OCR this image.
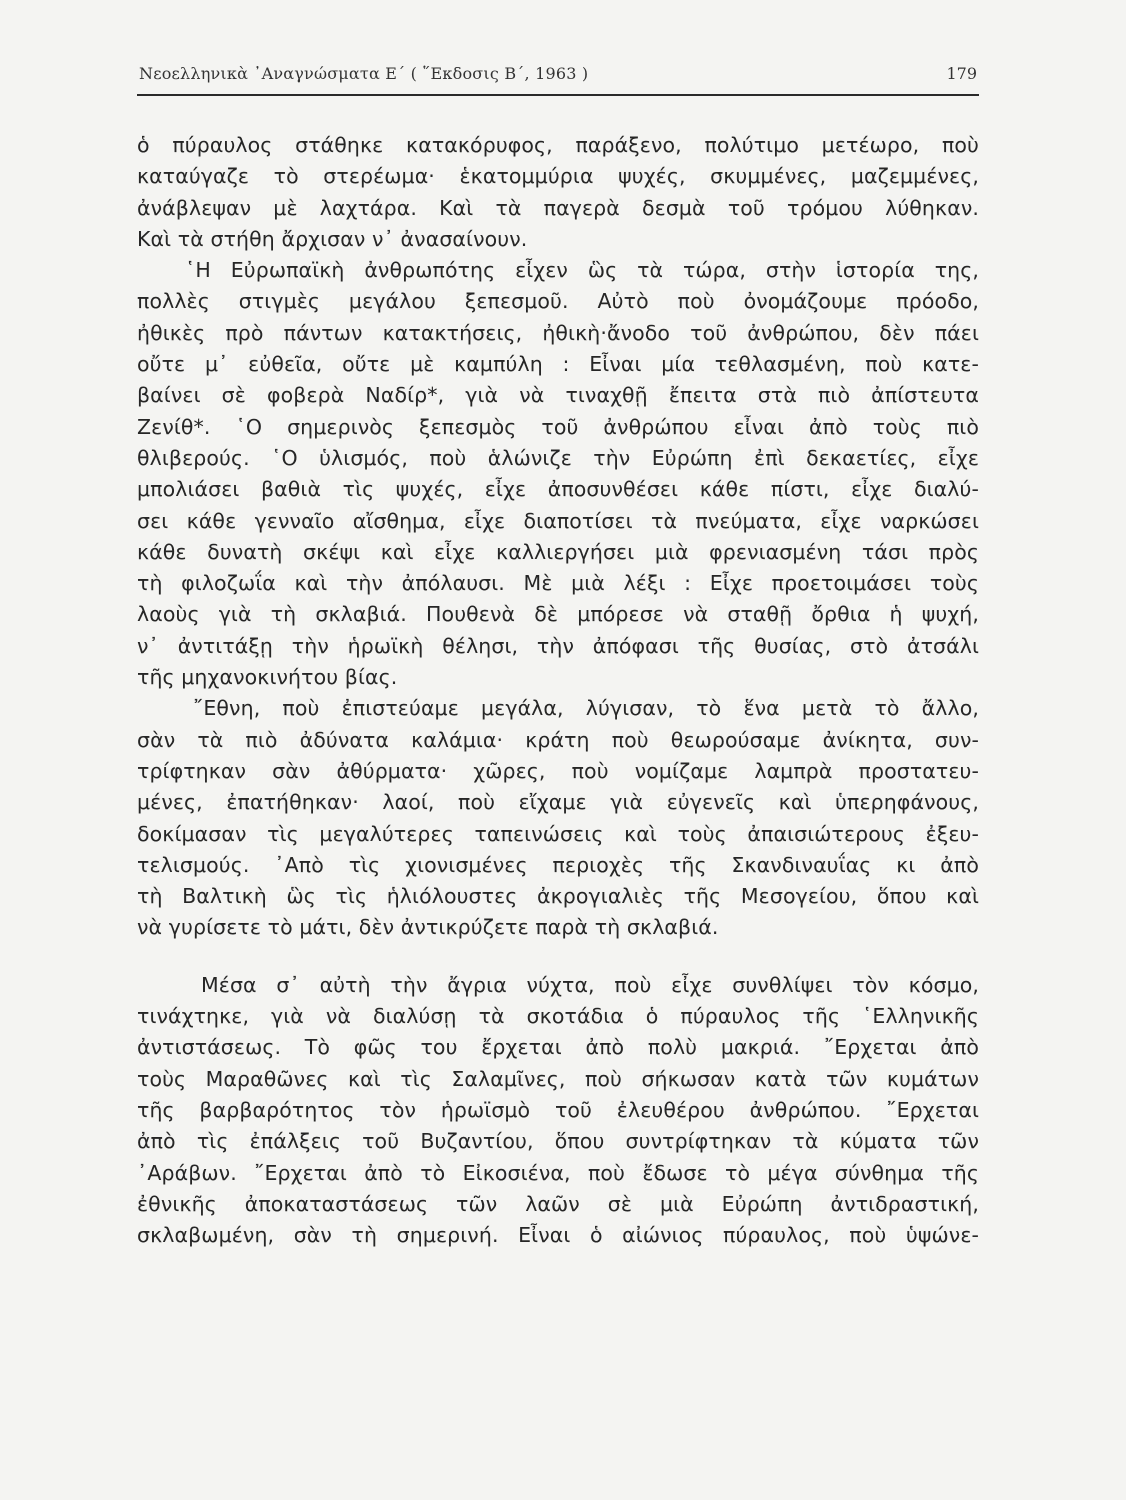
Νεοελληνικὰ ᾿Αναγνώσματα Ε΄ ( ῞Εκδοσις Β΄, 1963 )	179
ὁ πύραυλος στάθηκε κατακόρυφος, παράξενο, πολύτιμο μετέωρο, ποὺ
καταύγαζε τὸ στερέωμα· ἑκατομμύρια ψυχές, σκυμμένες, μαζεμμένες,
ἀνάβλεψαν μὲ λαχτάρα. Καὶ τὰ παγερὰ δεσμὰ τοῦ τρόμου λύθηκαν.
Καὶ τὰ στήθη ἄρχισαν ν᾿ ἀνασαίνουν.
῾Η Εὐρωπαϊκὴ ἀνθρωπότης εἶχεν ὣς τὰ τώρα, στὴν ἱστορία της,
πολλὲς στιγμὲς μεγάλου ξεπεσμοῦ. Αὐτὸ ποὺ ὀνομάζουμε πρόοδο,
ἠθικὲς πρὸ πάντων κατακτήσεις, ἠθικὴ·ἄνοδο τοῦ ἀνθρώπου, δὲν πάει
οὔτε μ᾿ εὐθεῖα, οὔτε μὲ καμπύλη : Εἶναι μία τεθλασμένη, ποὺ κατε-
βαίνει σὲ φοβερὰ Ναδίρ*, γιὰ νὰ τιναχθῇ ἔπειτα στὰ πιὸ ἀπίστευτα
Ζενίθ*. ῾Ο σημερινὸς ξεπεσμὸς τοῦ ἀνθρώπου εἶναι ἀπὸ τοὺς πιὸ
θλιβερούς. ῾Ο ὑλισμός, ποὺ ἁλώνιζε τὴν Εὐρώπη ἐπὶ δεκαετίες, εἶχε
μπολιάσει βαθιὰ τὶς ψυχές, εἶχε ἀποσυνθέσει κάθε πίστι, εἶχε διαλύ-
σει κάθε γενναῖο αἴσθημα, εἶχε διαποτίσει τὰ πνεύματα, εἶχε ναρκώσει
κάθε δυνατὴ σκέψι καὶ εἶχε καλλιεργήσει μιὰ φρενιασμένη τάσι πρὸς
τὴ φιλοζωΐα καὶ τὴν ἀπόλαυσι. Μὲ μιὰ λέξι : Εἶχε προετοιμάσει τοὺς
λαοὺς γιὰ τὴ σκλαβιά. Πουθενὰ δὲ μπόρεσε νὰ σταθῇ ὄρθια ἡ ψυχή,
ν᾿ ἀντιτάξῃ τὴν ἡρωϊκὴ θέλησι, τὴν ἀπόφασι τῆς θυσίας, στὸ ἀτσάλι
τῆς μηχανοκινήτου βίας.
῎Εθνη, ποὺ ἐπιστεύαμε μεγάλα, λύγισαν, τὸ ἕνα μετὰ τὸ ἄλλο,
σὰν τὰ πιὸ ἀδύνατα καλάμια· κράτη ποὺ θεωρούσαμε ἀνίκητα, συν-
τρίφτηκαν σὰν ἀθύρματα· χῶρες, ποὺ νομίζαμε λαμπρὰ προστατευ-
μένες, ἐπατήθηκαν· λαοί, ποὺ εἴχαμε γιὰ εὐγενεῖς καὶ ὑπερηφάνους,
δοκίμασαν τὶς μεγαλύτερες ταπεινώσεις καὶ τοὺς ἀπαισιώτερους ἐξευ-
τελισμούς. ᾿Απὸ τὶς χιονισμένες περιοχὲς τῆς Σκανδιναυΐας κι ἀπὸ
τὴ Βαλτικὴ ὣς τὶς ἡλιόλουστες ἀκρογιαλιὲς τῆς Μεσογείου, ὅπου καὶ
νὰ γυρίσετε τὸ μάτι, δὲν ἀντικρύζετε παρὰ τὴ σκλαβιά.
Μέσα σ᾿ αὐτὴ τὴν ἄγρια νύχτα, ποὺ εἶχε συνθλίψει τὸν κόσμο,
τινάχτηκε, γιὰ νὰ διαλύσῃ τὰ σκοτάδια ὁ πύραυλος τῆς ῾Ελληνικῆς
ἀντιστάσεως. Τὸ φῶς του ἔρχεται ἀπὸ πολὺ μακριά. ῎Ερχεται ἀπὸ
τοὺς Μαραθῶνες καὶ τὶς Σαλαμῖνες, ποὺ σήκωσαν κατὰ τῶν κυμάτων
τῆς βαρβαρότητος τὸν ἡρωϊσμὸ τοῦ ἐλευθέρου ἀνθρώπου. ῎Ερχεται
ἀπὸ τὶς ἐπάλξεις τοῦ Βυζαντίου, ὅπου συντρίφτηκαν τὰ κύματα τῶν
᾿Αράβων. ῎Ερχεται ἀπὸ τὸ Εἰκοσιένα, ποὺ ἔδωσε τὸ μέγα σύνθημα τῆς
ἐθνικῆς ἀποκαταστάσεως τῶν λαῶν σὲ μιὰ Εὐρώπη ἀντιδραστική,
σκλαβωμένη, σὰν τὴ σημερινή. Εἶναι ὁ αἰώνιος πύραυλος, ποὺ ὑψώνε-
